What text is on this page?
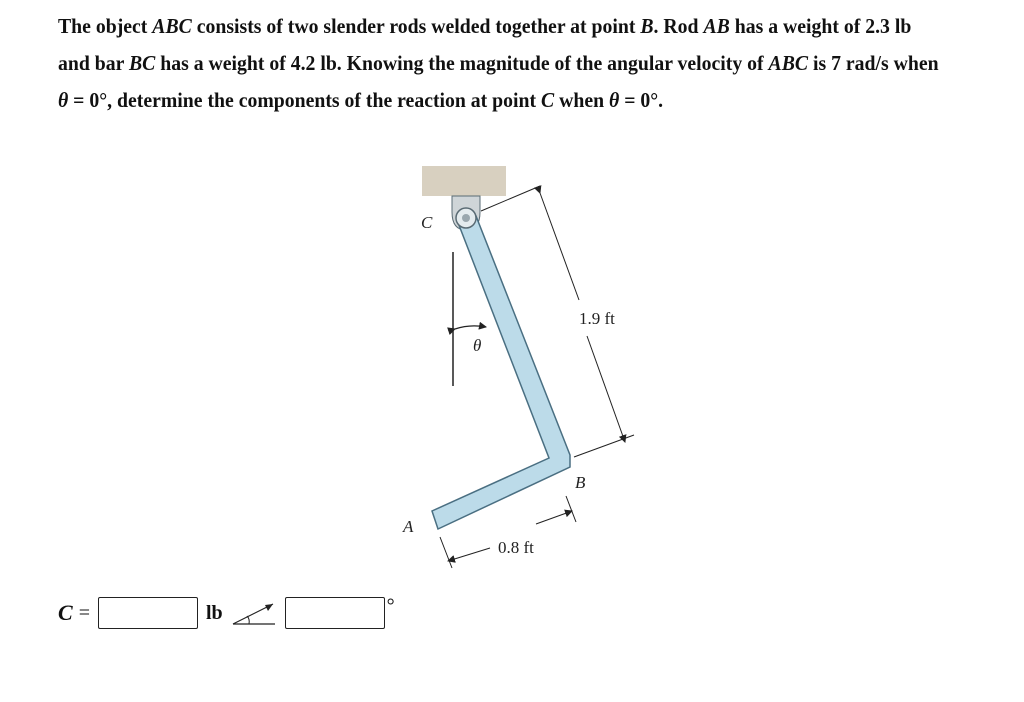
The object ABC consists of two slender rods welded together at point B. Rod AB has a weight of 2.3 lb and bar BC has a weight of 4.2 lb. Knowing the magnitude of the angular velocity of ABC is 7 rad/s when θ = 0°, determine the components of the reaction at point C when θ = 0°.
C
B
A
θ
1.9 ft
0.8 ft
C =	lb	°
